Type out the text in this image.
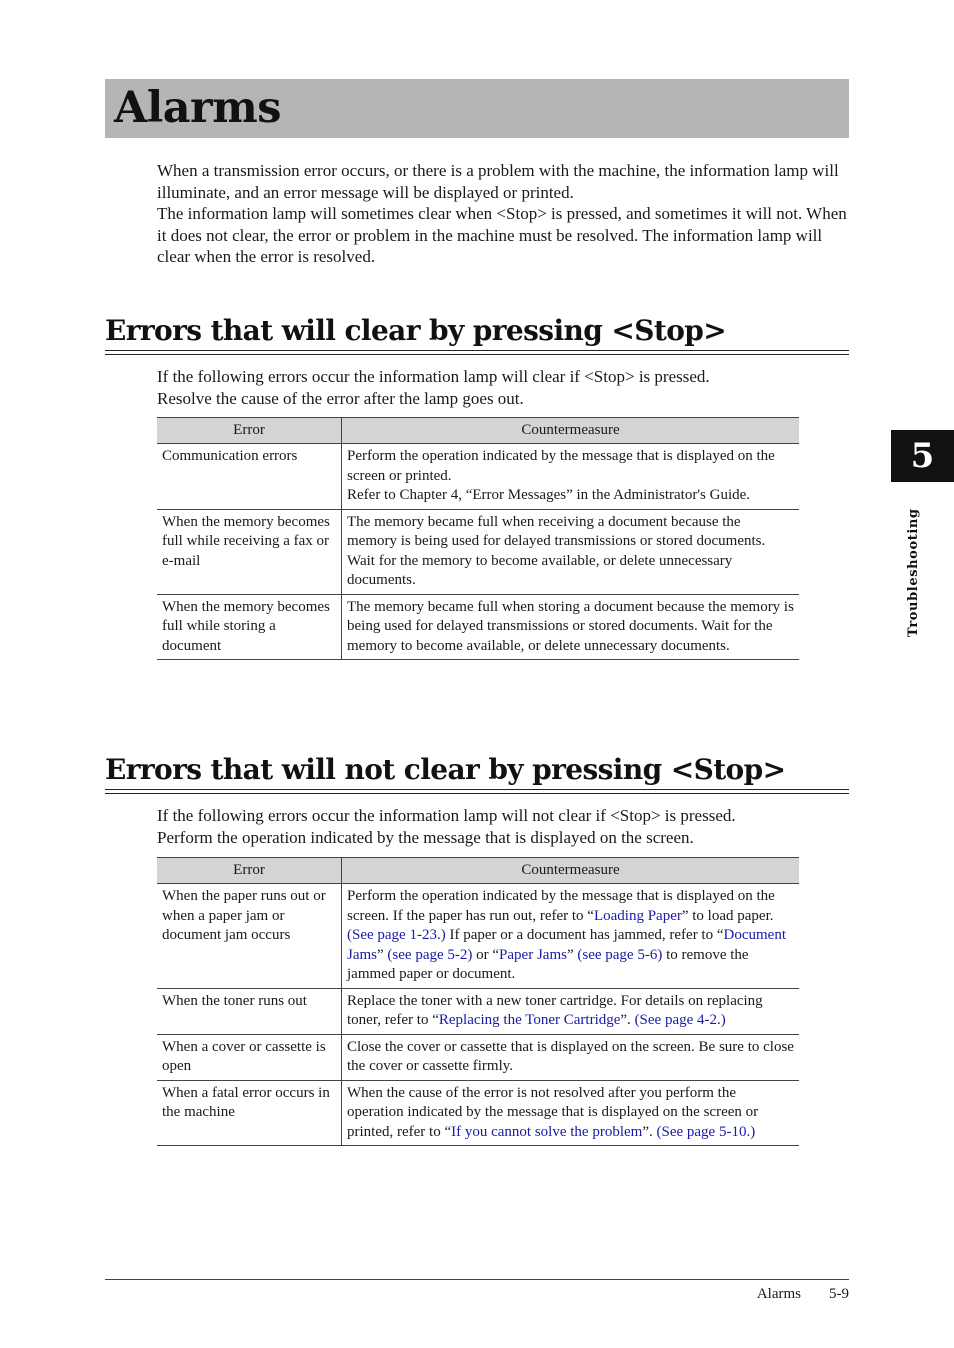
Alarms

When a transmission error occurs, or there is a problem with the machine, the information lamp will illuminate, and an error message will be displayed or printed.

The information lamp will sometimes clear when <Stop> is pressed, and sometimes it will not. When it does not clear, the error or problem in the machine must be resolved. The information lamp will clear when the error is resolved.

Errors that will clear by pressing <Stop>

If the following errors occur the information lamp will clear if <Stop> is pressed.

Resolve the cause of the error after the lamp goes out.

Error	Countermeasure
Communication errors	Perform the operation indicated by the message that is displayed on the screen or printed.
Refer to Chapter 4, “Error Messages” in the Administrator's Guide.

When the memory becomes full while receiving a fax or e-mail	The memory became full when receiving a document because the memory is being used for delayed transmissions or stored documents. Wait for the memory to become available, or delete unnecessary documents.
When the memory becomes full while storing a document	The memory became full when storing a document because the memory is being used for delayed transmissions or stored documents. Wait for the memory to become available, or delete unnecessary documents.
Errors that will not clear by pressing <Stop>

If the following errors occur the information lamp will not clear if <Stop> is pressed.

Perform the operation indicated by the message that is displayed on the screen.

Error	Countermeasure
When the paper runs out or when a paper jam or document jam occurs	Perform the operation indicated by the message that is displayed on the screen. If the paper has run out, refer to “Loading Paper” to load paper. (See page 1-23.) If paper or a document has jammed, refer to “Document Jams” (see page 5-2) or “Paper Jams” (see page 5-6) to remove the jammed paper or document.
When the toner runs out	Replace the toner with a new toner cartridge. For details on replacing toner, refer to “Replacing the Toner Cartridge”. (See page 4-2.)
When a cover or cassette is open	Close the cover or cassette that is displayed on the screen. Be sure to close the cover or cassette firmly.
When a fatal error occurs in the machine	When the cause of the error is not resolved after you perform the operation indicated by the message that is displayed on the screen or printed, refer to “If you cannot solve the problem”. (See page 5-10.)
5
Troubleshooting
Alarms 5-9
